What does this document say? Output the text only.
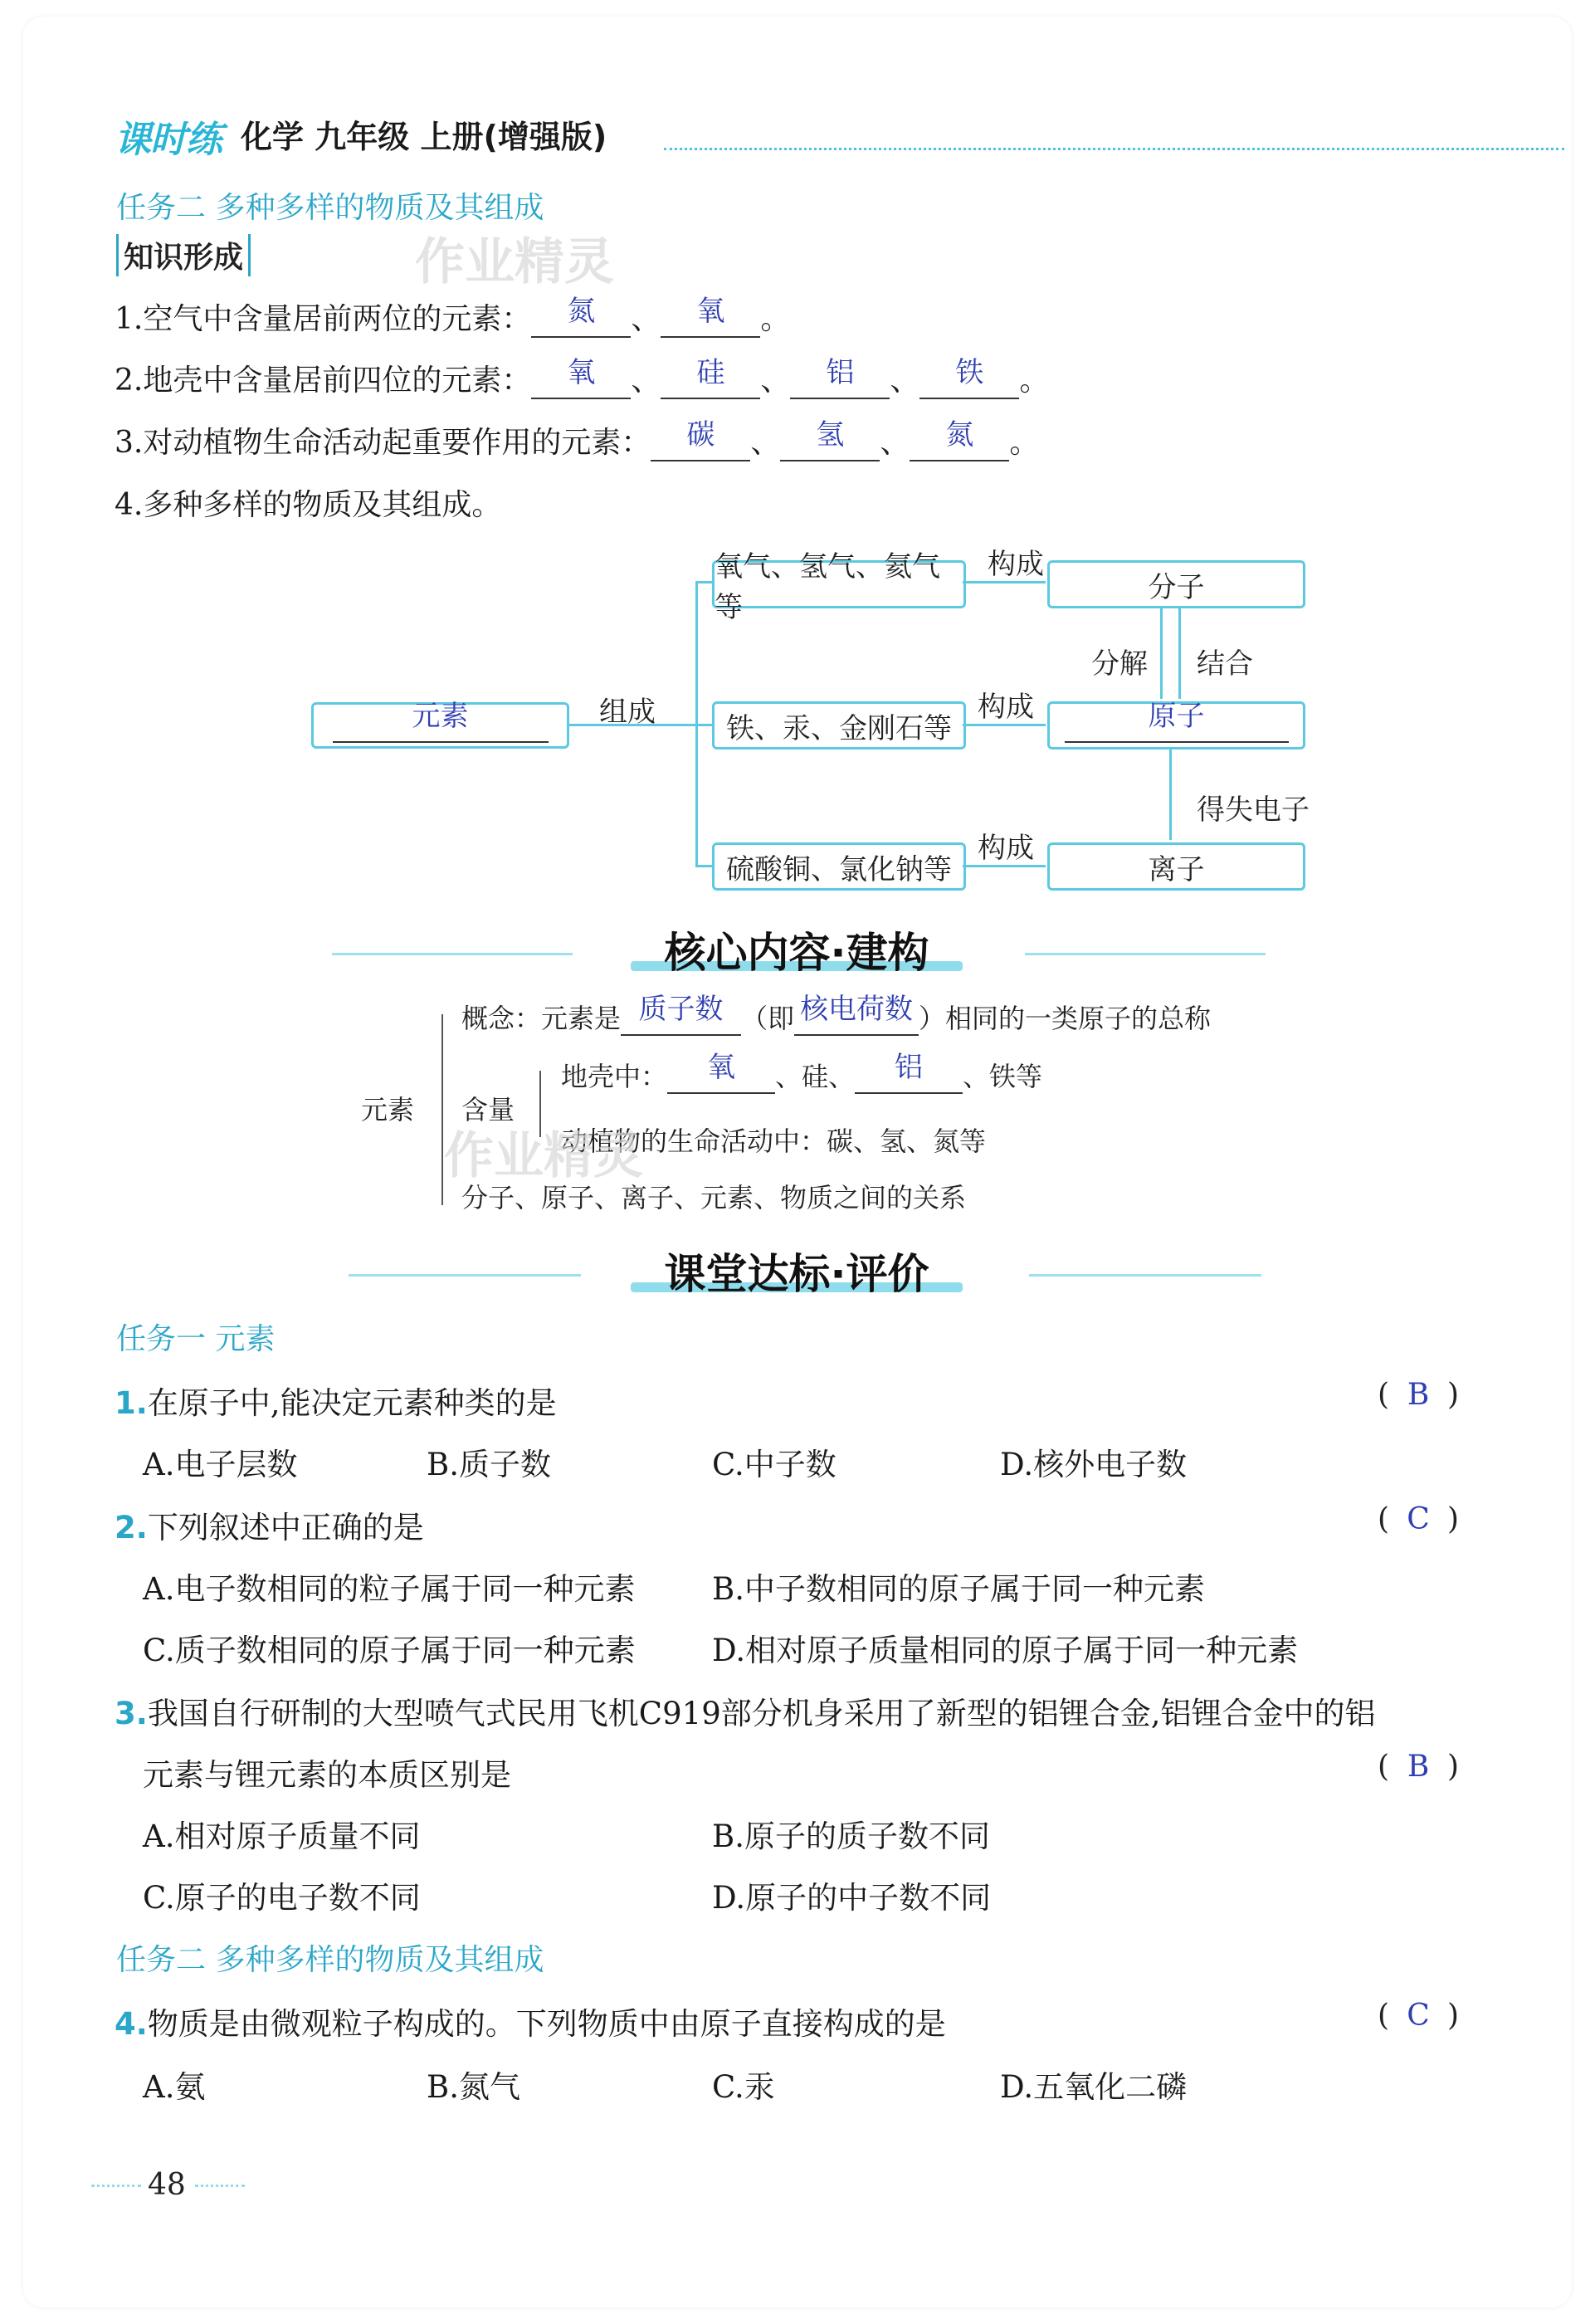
课时练 化学 九年级 上册(增强版)
任务二 多种多样的物质及其组成
知识形成	作业精灵
1.空气中含量居前两位的元素：	氮	、	氧	。
2.地壳中含量居前四位的元素：	氧	、	硅	、	铝	、	铁	。
3.对动植物生命活动起重要作用的元素：	碳	、	氢	、	氮	。
4.多种多样的物质及其组成。
元素	组成
氧气、氢气、氦气等
铁、汞、金刚石等
硫酸铜、氯化钠等
构成
构成
构成
分子
原子
离子
分解 结合
得失电子
核心内容·建构
元素
概念：元素是 质子数 （即 核电荷数 ）相同的一类原子的总称
含量
地壳中：	氧	、硅、	铝	、铁等
动植物的生命活动中：碳、氢、氮等
分子、原子、离子、元素、物质之间的关系
作业精灵
课堂达标·评价
任务一 元素
1.在原子中,能决定元素种类的是	( B )
A.电子层数	B.质子数	C.中子数	D.核外电子数
2.下列叙述中正确的是	( C )
A.电子数相同的粒子属于同一种元素	B.中子数相同的原子属于同一种元素
C.质子数相同的原子属于同一种元素 D.相对原子质量相同的原子属于同一种元素
3.我国自行研制的大型喷气式民用飞机C919部分机身采用了新型的铝锂合金,铝锂合金中的铝
元素与锂元素的本质区别是	( B )
A.相对原子质量不同	B.原子的质子数不同
C.原子的电子数不同	D.原子的中子数不同
任务二 多种多样的物质及其组成
4.物质是由微观粒子构成的。下列物质中由原子直接构成的是	( C )
A.氨	B.氮气	C.汞	D.五氧化二磷
48
